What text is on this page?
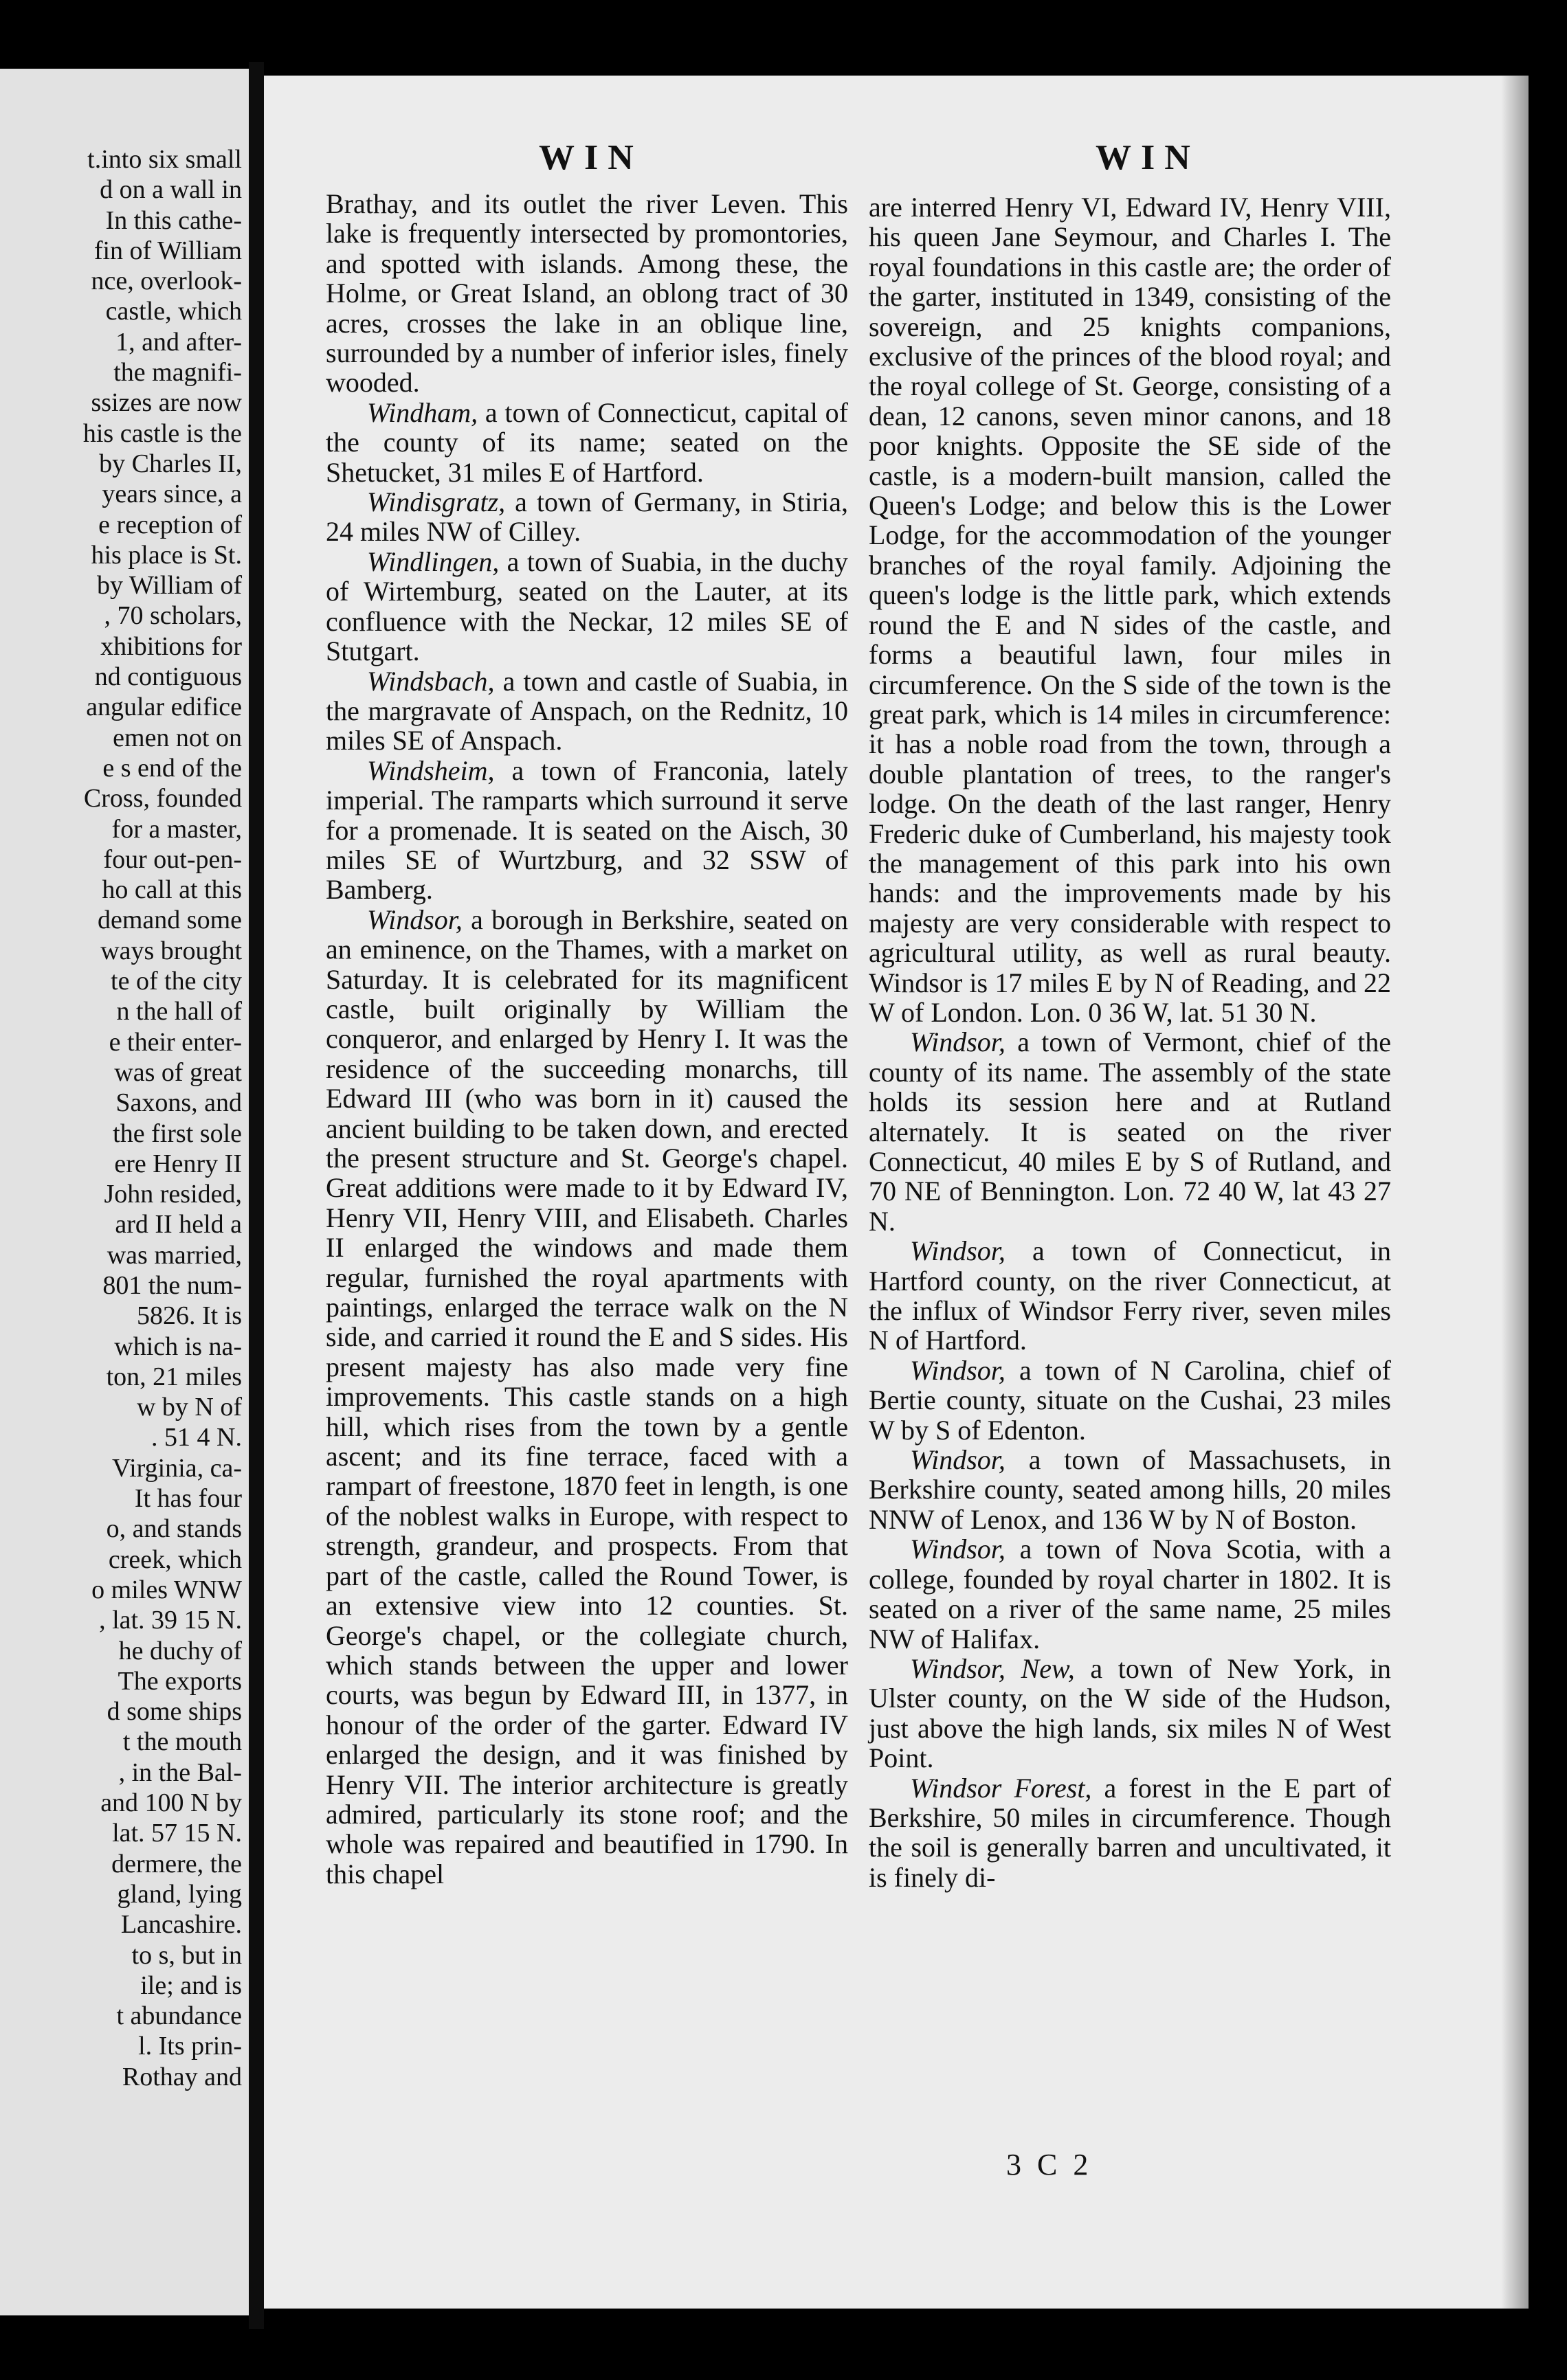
t.into six small
d on a wall in
In this cathe-
fin of William
nce, overlook-
castle, which
1, and after-
the magnifi-
ssizes are now
his castle is the
by Charles II,
years since, a
e reception of
his place is St.
by William of
, 70 scholars,
xhibitions for
nd contiguous
angular edifice
emen not on
e s end of the
Cross, founded
for a master,
four out-pen-
ho call at this
demand some
ways brought
te of the city
n the hall of
e their enter-
was of great
Saxons, and
the first sole
ere Henry II
John resided,
ard II held a
was married,
801 the num-
5826. It is
which is na-
ton, 21 miles
w by N of
. 51 4 N.
Virginia, ca-
It has four
o, and stands
creek, which
o miles WNW
, lat. 39 15 N.
he duchy of
The exports
d some ships
t the mouth
, in the Bal-
and 100 N by
lat. 57 15 N.
dermere, the
gland, lying
Lancashire.
to s, but in
ile; and is
t abundance
l. Its prin-
Rothay and
WIN	WIN

Brathay, and its outlet the river Leven. This lake is frequently intersected by promontories, and spotted with islands. Among these, the Holme, or Great Island, an oblong tract of 30 acres, crosses the lake in an oblique line, surrounded by a number of inferior isles, finely wooded.

Windham, a town of Connecticut, capital of the county of its name; seated on the Shetucket, 31 miles E of Hartford.

Windisgratz, a town of Germany, in Stiria, 24 miles NW of Cilley.

Windlingen, a town of Suabia, in the duchy of Wirtemburg, seated on the Lauter, at its confluence with the Neckar, 12 miles SE of Stutgart.

Windsbach, a town and castle of Suabia, in the margravate of Anspach, on the Rednitz, 10 miles SE of Anspach.

Windsheim, a town of Franconia, lately imperial. The ramparts which surround it serve for a promenade. It is seated on the Aisch, 30 miles SE of Wurtzburg, and 32 SSW of Bamberg.

Windsor, a borough in Berkshire, seated on an eminence, on the Thames, with a market on Saturday. It is celebrated for its magnificent castle, built originally by William the conqueror, and enlarged by Henry I. It was the residence of the succeeding monarchs, till Edward III (who was born in it) caused the ancient building to be taken down, and erected the present structure and St. George's chapel. Great additions were made to it by Edward IV, Henry VII, Henry VIII, and Elisabeth. Charles II enlarged the windows and made them regular, furnished the royal apartments with paintings, enlarged the terrace walk on the N side, and carried it round the E and S sides. His present majesty has also made very fine improvements. This castle stands on a high hill, which rises from the town by a gentle ascent; and its fine terrace, faced with a rampart of freestone, 1870 feet in length, is one of the noblest walks in Europe, with respect to strength, grandeur, and prospects. From that part of the castle, called the Round Tower, is an extensive view into 12 counties. St. George's chapel, or the collegiate church, which stands between the upper and lower courts, was begun by Edward III, in 1377, in honour of the order of the garter. Edward IV enlarged the design, and it was finished by Henry VII. The interior architecture is greatly admired, particularly its stone roof; and the whole was repaired and beautified in 1790. In this chapel

are interred Henry VI, Edward IV, Henry VIII, his queen Jane Seymour, and Charles I. The royal foundations in this castle are; the order of the garter, instituted in 1349, consisting of the sovereign, and 25 knights companions, exclusive of the princes of the blood royal; and the royal college of St. George, consisting of a dean, 12 canons, seven minor canons, and 18 poor knights. Opposite the SE side of the castle, is a modern-built mansion, called the Queen's Lodge; and below this is the Lower Lodge, for the accommodation of the younger branches of the royal family. Adjoining the queen's lodge is the little park, which extends round the E and N sides of the castle, and forms a beautiful lawn, four miles in circumference. On the S side of the town is the great park, which is 14 miles in circumference: it has a noble road from the town, through a double plantation of trees, to the ranger's lodge. On the death of the last ranger, Henry Frederic duke of Cumberland, his majesty took the management of this park into his own hands: and the improvements made by his majesty are very considerable with respect to agricultural utility, as well as rural beauty. Windsor is 17 miles E by N of Reading, and 22 W of London. Lon. 0 36 W, lat. 51 30 N.

Windsor, a town of Vermont, chief of the county of its name. The assembly of the state holds its session here and at Rutland alternately. It is seated on the river Connecticut, 40 miles E by S of Rutland, and 70 NE of Bennington. Lon. 72 40 W, lat 43 27 N.

Windsor, a town of Connecticut, in Hartford county, on the river Connecticut, at the influx of Windsor Ferry river, seven miles N of Hartford.

Windsor, a town of N Carolina, chief of Bertie county, situate on the Cushai, 23 miles W by S of Edenton.

Windsor, a town of Massachusets, in Berkshire county, seated among hills, 20 miles NNW of Lenox, and 136 W by N of Boston.

Windsor, a town of Nova Scotia, with a college, founded by royal charter in 1802. It is seated on a river of the same name, 25 miles NW of Halifax.

Windsor, New, a town of New York, in Ulster county, on the W side of the Hudson, just above the high lands, six miles N of West Point.

Windsor Forest, a forest in the E part of Berkshire, 50 miles in circumference. Though the soil is generally barren and uncultivated, it is finely di-

3 C 2
